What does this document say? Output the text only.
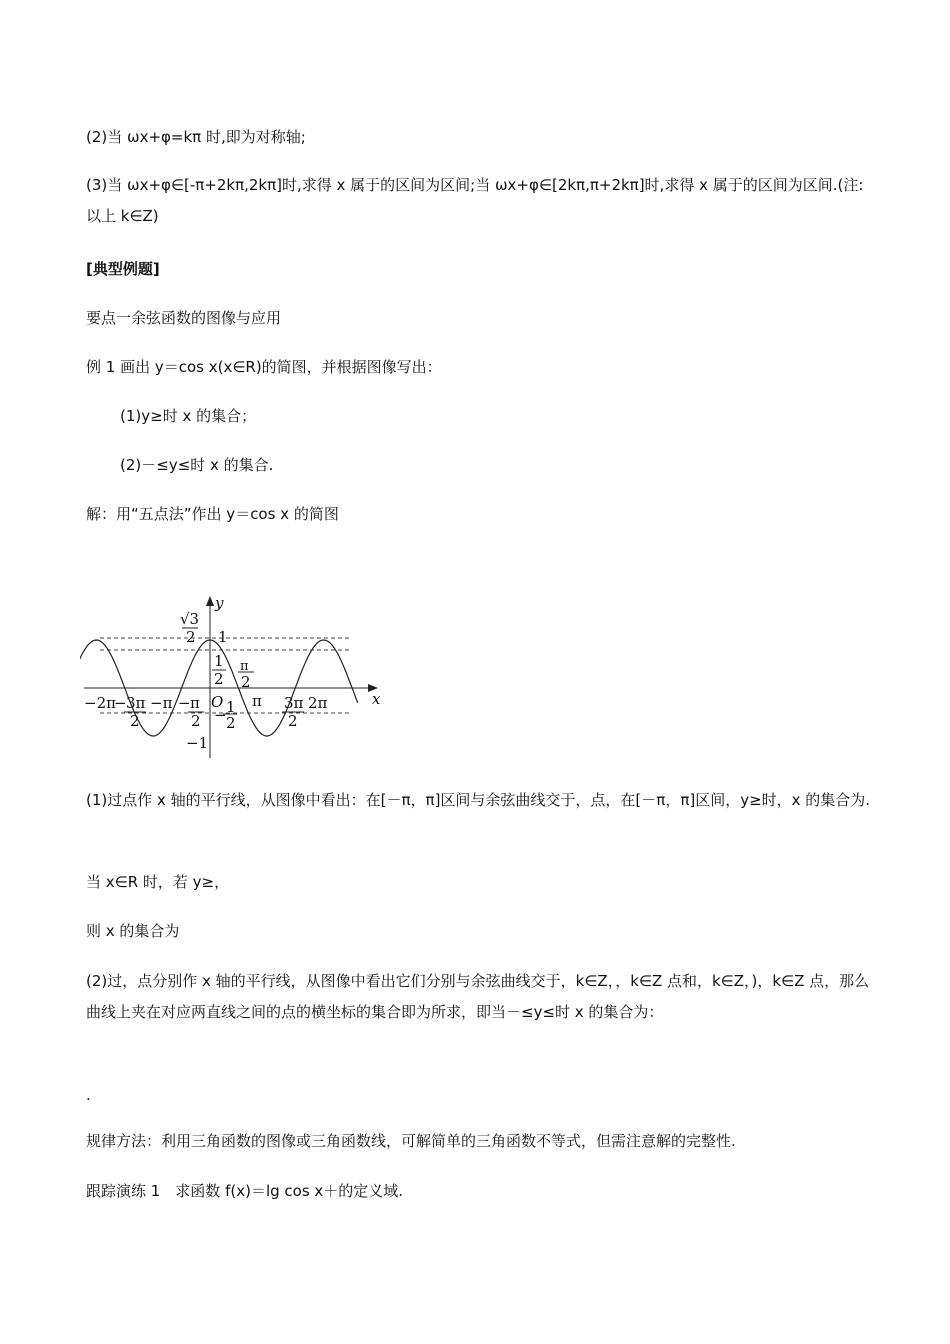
(2)当 ωx+φ=kπ 时,即为对称轴;
(3)当 ωx+φ∈[-π+2kπ,2kπ]时,求得 x 属于的区间为区间;当 ωx+φ∈[2kπ,π+2kπ]时,求得 x 属于的区间为区间.(注:以上 k∈Z)
[典型例题]
要点一余弦函数的图像与应用
例 1 画出 y＝cos x(x∈R)的简图，并根据图像写出：
(1)y≥时 x 的集合；
(2)－≤y≤时 x 的集合.
解：用“五点法”作出 y＝cos x 的简图
x
y
O
√3
2 1
1
2
π
2
−2π
− 3π
2
−π − π
2 − 1
2
π 3π
2
2π
−1
(1)过点作 x 轴的平行线，从图像中看出：在[－π，π]区间与余弦曲线交于，点，在[－π，π]区间，y≥时，x 的集合为.
当 x∈R 时，若 y≥，
则 x 的集合为
(2)过，点分别作 x 轴的平行线，从图像中看出它们分别与余弦曲线交于，k∈Z，，k∈Z 点和，k∈Z，)，k∈Z 点，那么曲线上夹在对应两直线之间的点的横坐标的集合即为所求，即当－≤y≤时 x 的集合为：
.
规律方法：利用三角函数的图像或三角函数线，可解简单的三角函数不等式，但需注意解的完整性.
跟踪演练 1　求函数 f(x)＝lg cos x＋的定义域.
